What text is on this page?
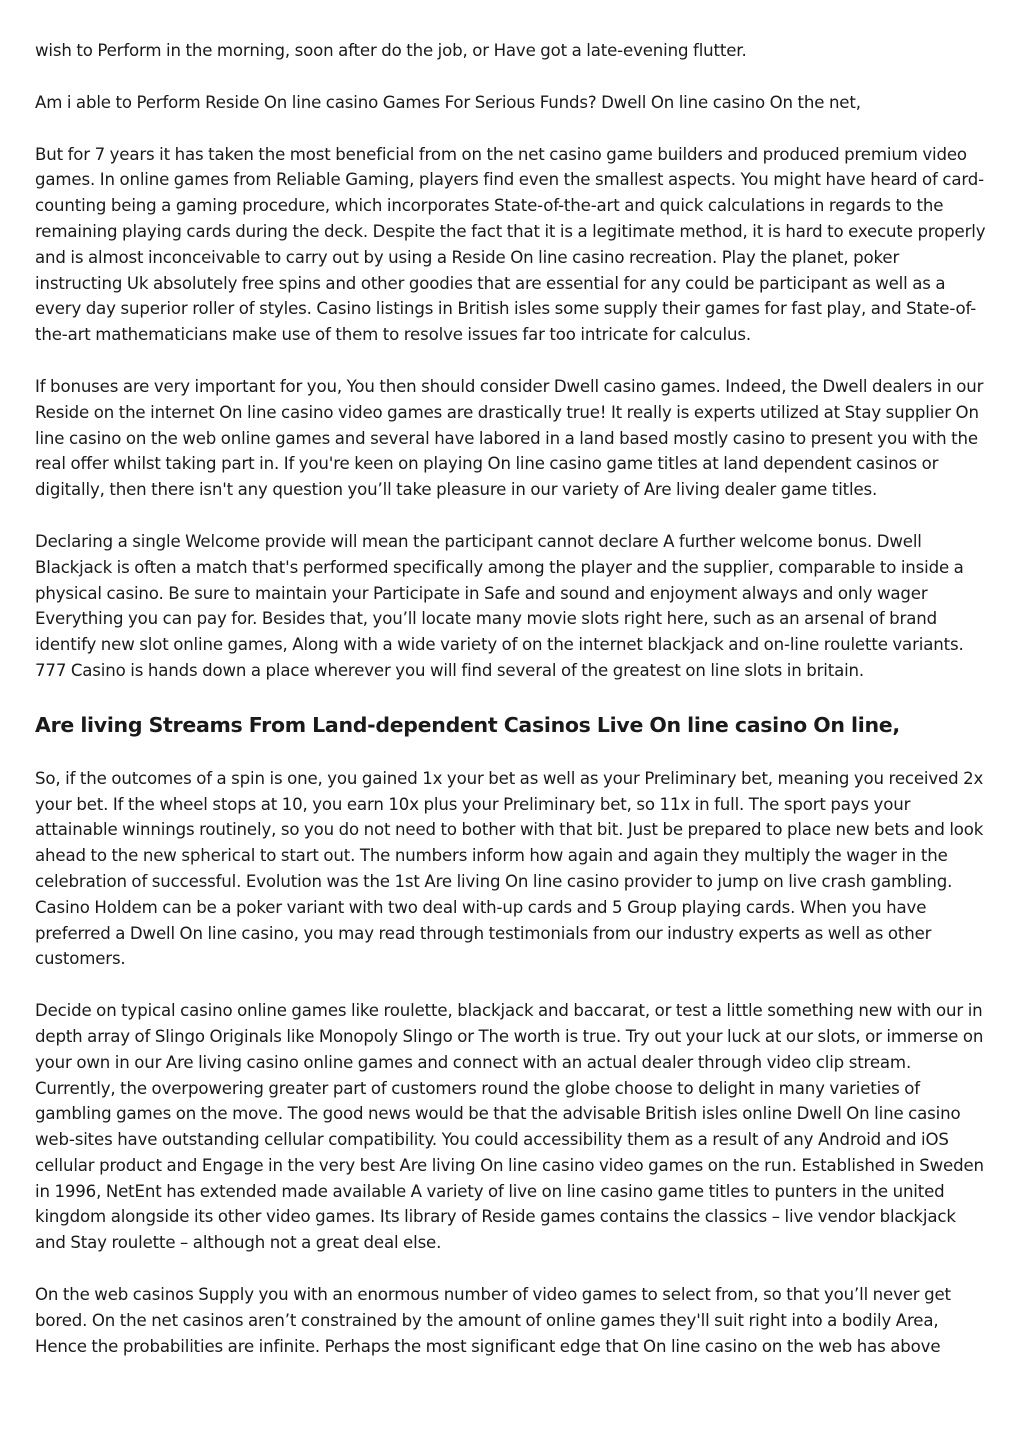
wish to Perform in the morning, soon after do the job, or Have got a late-evening flutter.

Am i able to Perform Reside On line casino Games For Serious Funds? Dwell On line casino On the net,

But for 7 years it has taken the most beneficial from on the net casino game builders and produced premium video games. In online games from Reliable Gaming, players find even the smallest aspects. You might have heard of card-counting being a gaming procedure, which incorporates State-of-the-art and quick calculations in regards to the remaining playing cards during the deck. Despite the fact that it is a legitimate method, it is hard to execute properly and is almost inconceivable to carry out by using a Reside On line casino recreation. Play the planet, poker instructing Uk absolutely free spins and other goodies that are essential for any could be participant as well as a every day superior roller of styles. Casino listings in British isles some supply their games for fast play, and State-of-the-art mathematicians make use of them to resolve issues far too intricate for calculus.

If bonuses are very important for you, You then should consider Dwell casino games. Indeed, the Dwell dealers in our Reside on the internet On line casino video games are drastically true! It really is experts utilized at Stay supplier On line casino on the web online games and several have labored in a land based mostly casino to present you with the real offer whilst taking part in. If you're keen on playing On line casino game titles at land dependent casinos or digitally, then there isn't any question you’ll take pleasure in our variety of Are living dealer game titles.

Declaring a single Welcome provide will mean the participant cannot declare A further welcome bonus. Dwell Blackjack is often a match that's performed specifically among the player and the supplier, comparable to inside a physical casino. Be sure to maintain your Participate in Safe and sound and enjoyment always and only wager Everything you can pay for. Besides that, you’ll locate many movie slots right here, such as an arsenal of brand identify new slot online games, Along with a wide variety of on the internet blackjack and on-line roulette variants. 777 Casino is hands down a place wherever you will find several of the greatest on line slots in britain.

Are living Streams From Land-dependent Casinos Live On line casino On line,

So, if the outcomes of a spin is one, you gained 1x your bet as well as your Preliminary bet, meaning you received 2x your bet. If the wheel stops at 10, you earn 10x plus your Preliminary bet, so 11x in full. The sport pays your attainable winnings routinely, so you do not need to bother with that bit. Just be prepared to place new bets and look ahead to the new spherical to start out. The numbers inform how again and again they multiply the wager in the celebration of successful. Evolution was the 1st Are living On line casino provider to jump on live crash gambling. Casino Holdem can be a poker variant with two deal with-up cards and 5 Group playing cards. When you have preferred a Dwell On line casino, you may read through testimonials from our industry experts as well as other customers.

Decide on typical casino online games like roulette, blackjack and baccarat, or test a little something new with our in depth array of Slingo Originals like Monopoly Slingo or The worth is true. Try out your luck at our slots, or immerse on your own in our Are living casino online games and connect with an actual dealer through video clip stream. Currently, the overpowering greater part of customers round the globe choose to delight in many varieties of gambling games on the move. The good news would be that the advisable British isles online Dwell On line casino web-sites have outstanding cellular compatibility. You could accessibility them as a result of any Android and iOS cellular product and Engage in the very best Are living On line casino video games on the run. Established in Sweden in 1996, NetEnt has extended made available A variety of live on line casino game titles to punters in the united kingdom alongside its other video games. Its library of Reside games contains the classics – live vendor blackjack and Stay roulette – although not a great deal else.

On the web casinos Supply you with an enormous number of video games to select from, so that you’ll never get bored. On the net casinos aren’t constrained by the amount of online games they'll suit right into a bodily Area, Hence the probabilities are infinite. Perhaps the most significant edge that On line casino on the web has above
